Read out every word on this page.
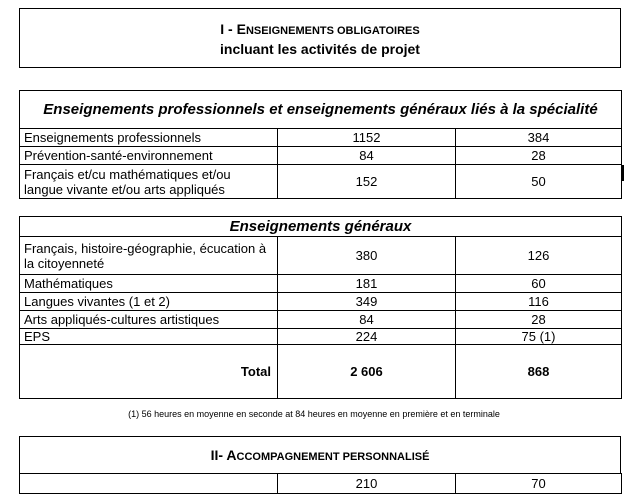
I - ENSEIGNEMENTS OBLIGATOIRES
incluant les activités de projet
Enseignements professionnels et enseignements généraux liés à la spécialité		
Enseignements professionnels	1152	384
Prévention-santé-environnement	84	28
Français et/cu mathématiques et/ou langue vivante et/ou arts appliqués	152	50
Enseignements généraux		
Français, histoire-géographie, écucation à la citoyenneté	380	126
Mathématiques	181	60
Langues vivantes (1 et 2)	349	116
Arts appliqués-cultures artistiques	84	28
EPS	224	75 (1)
Total	2 606	868
(1) 56 heures en moyenne en seconde at 84 heures en moyenne en première et en terminale
II- ACCOMPAGNEMENT PERSONNALISÉ
	210	70
